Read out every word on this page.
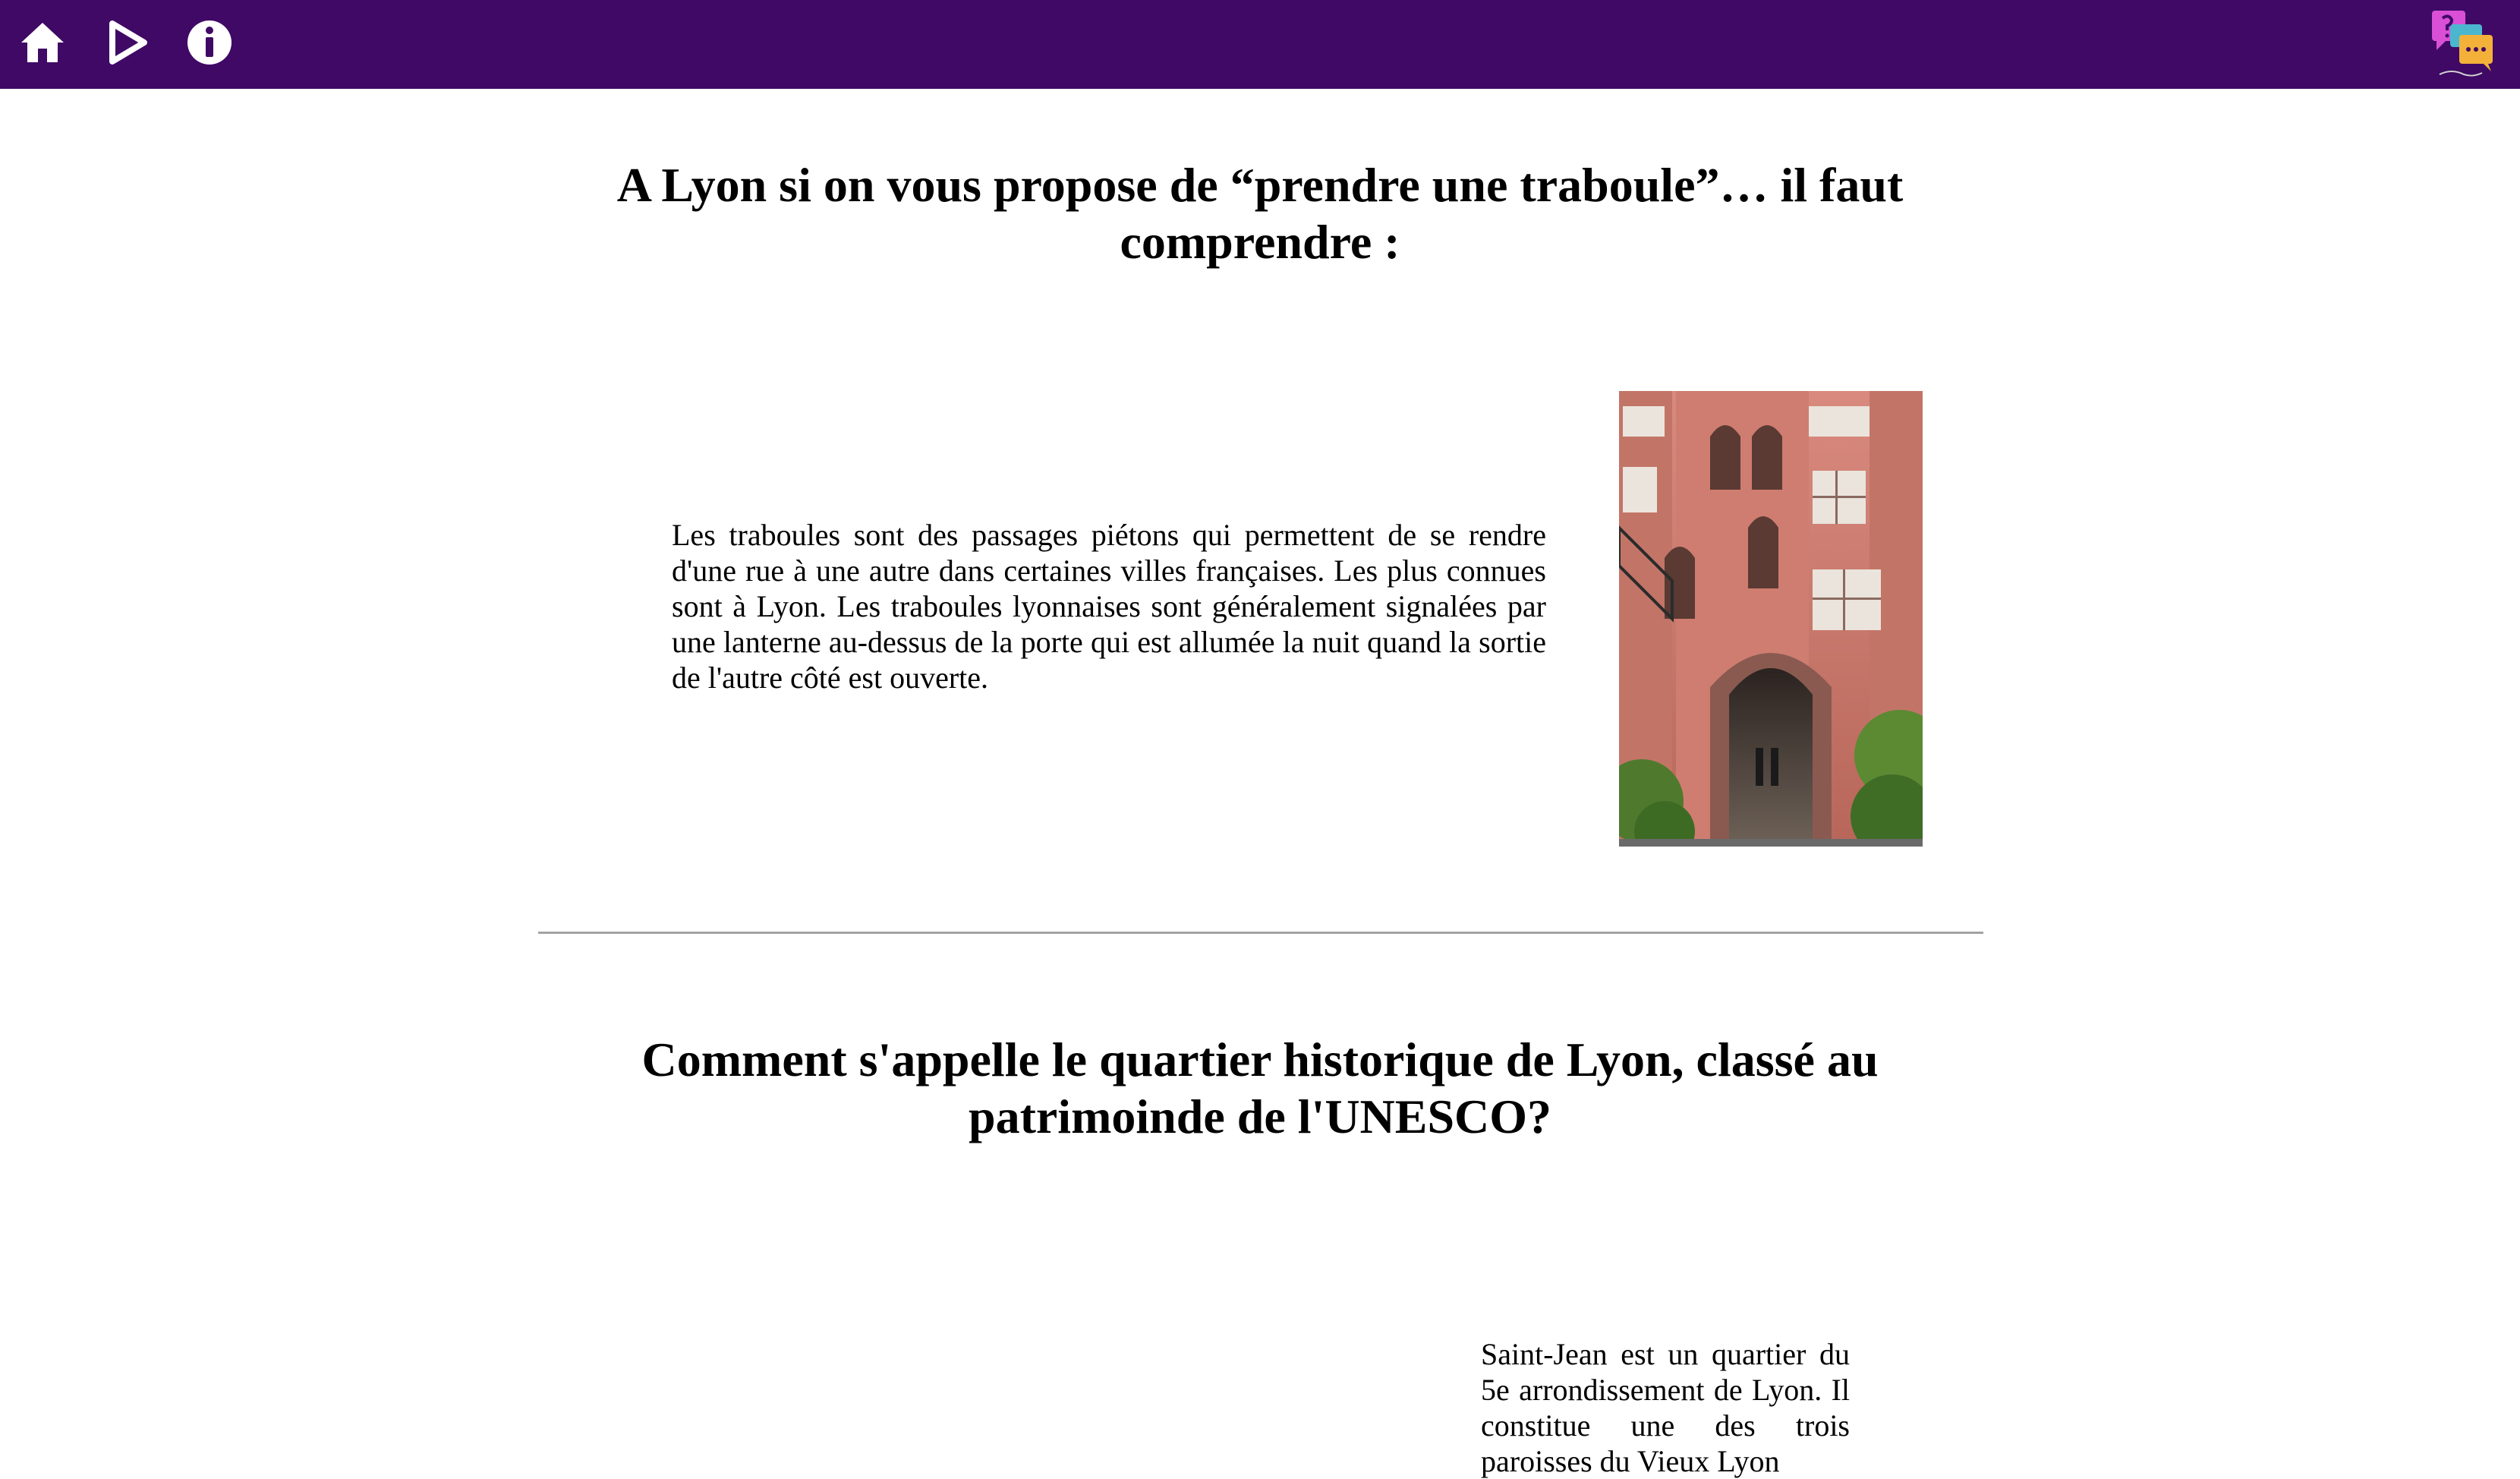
A Lyon si on vous propose de “prendre une traboule”… il faut comprendre :

Les traboules sont des passages piétons qui permettent de se rendre d'une rue à une autre dans certaines villes françaises. Les plus connues sont à Lyon. Les traboules lyonnaises sont généralement signalées par une lanterne au-dessus de la porte qui est allumée la nuit quand la sortie de l'autre côté est ouverte.

Comment s'appelle le quartier historique de Lyon, classé au patrimoinde de l'UNESCO?

Saint-Jean est un quartier du 5e arrondissement de Lyon. Il constitue une des trois paroisses du Vieux Lyon
